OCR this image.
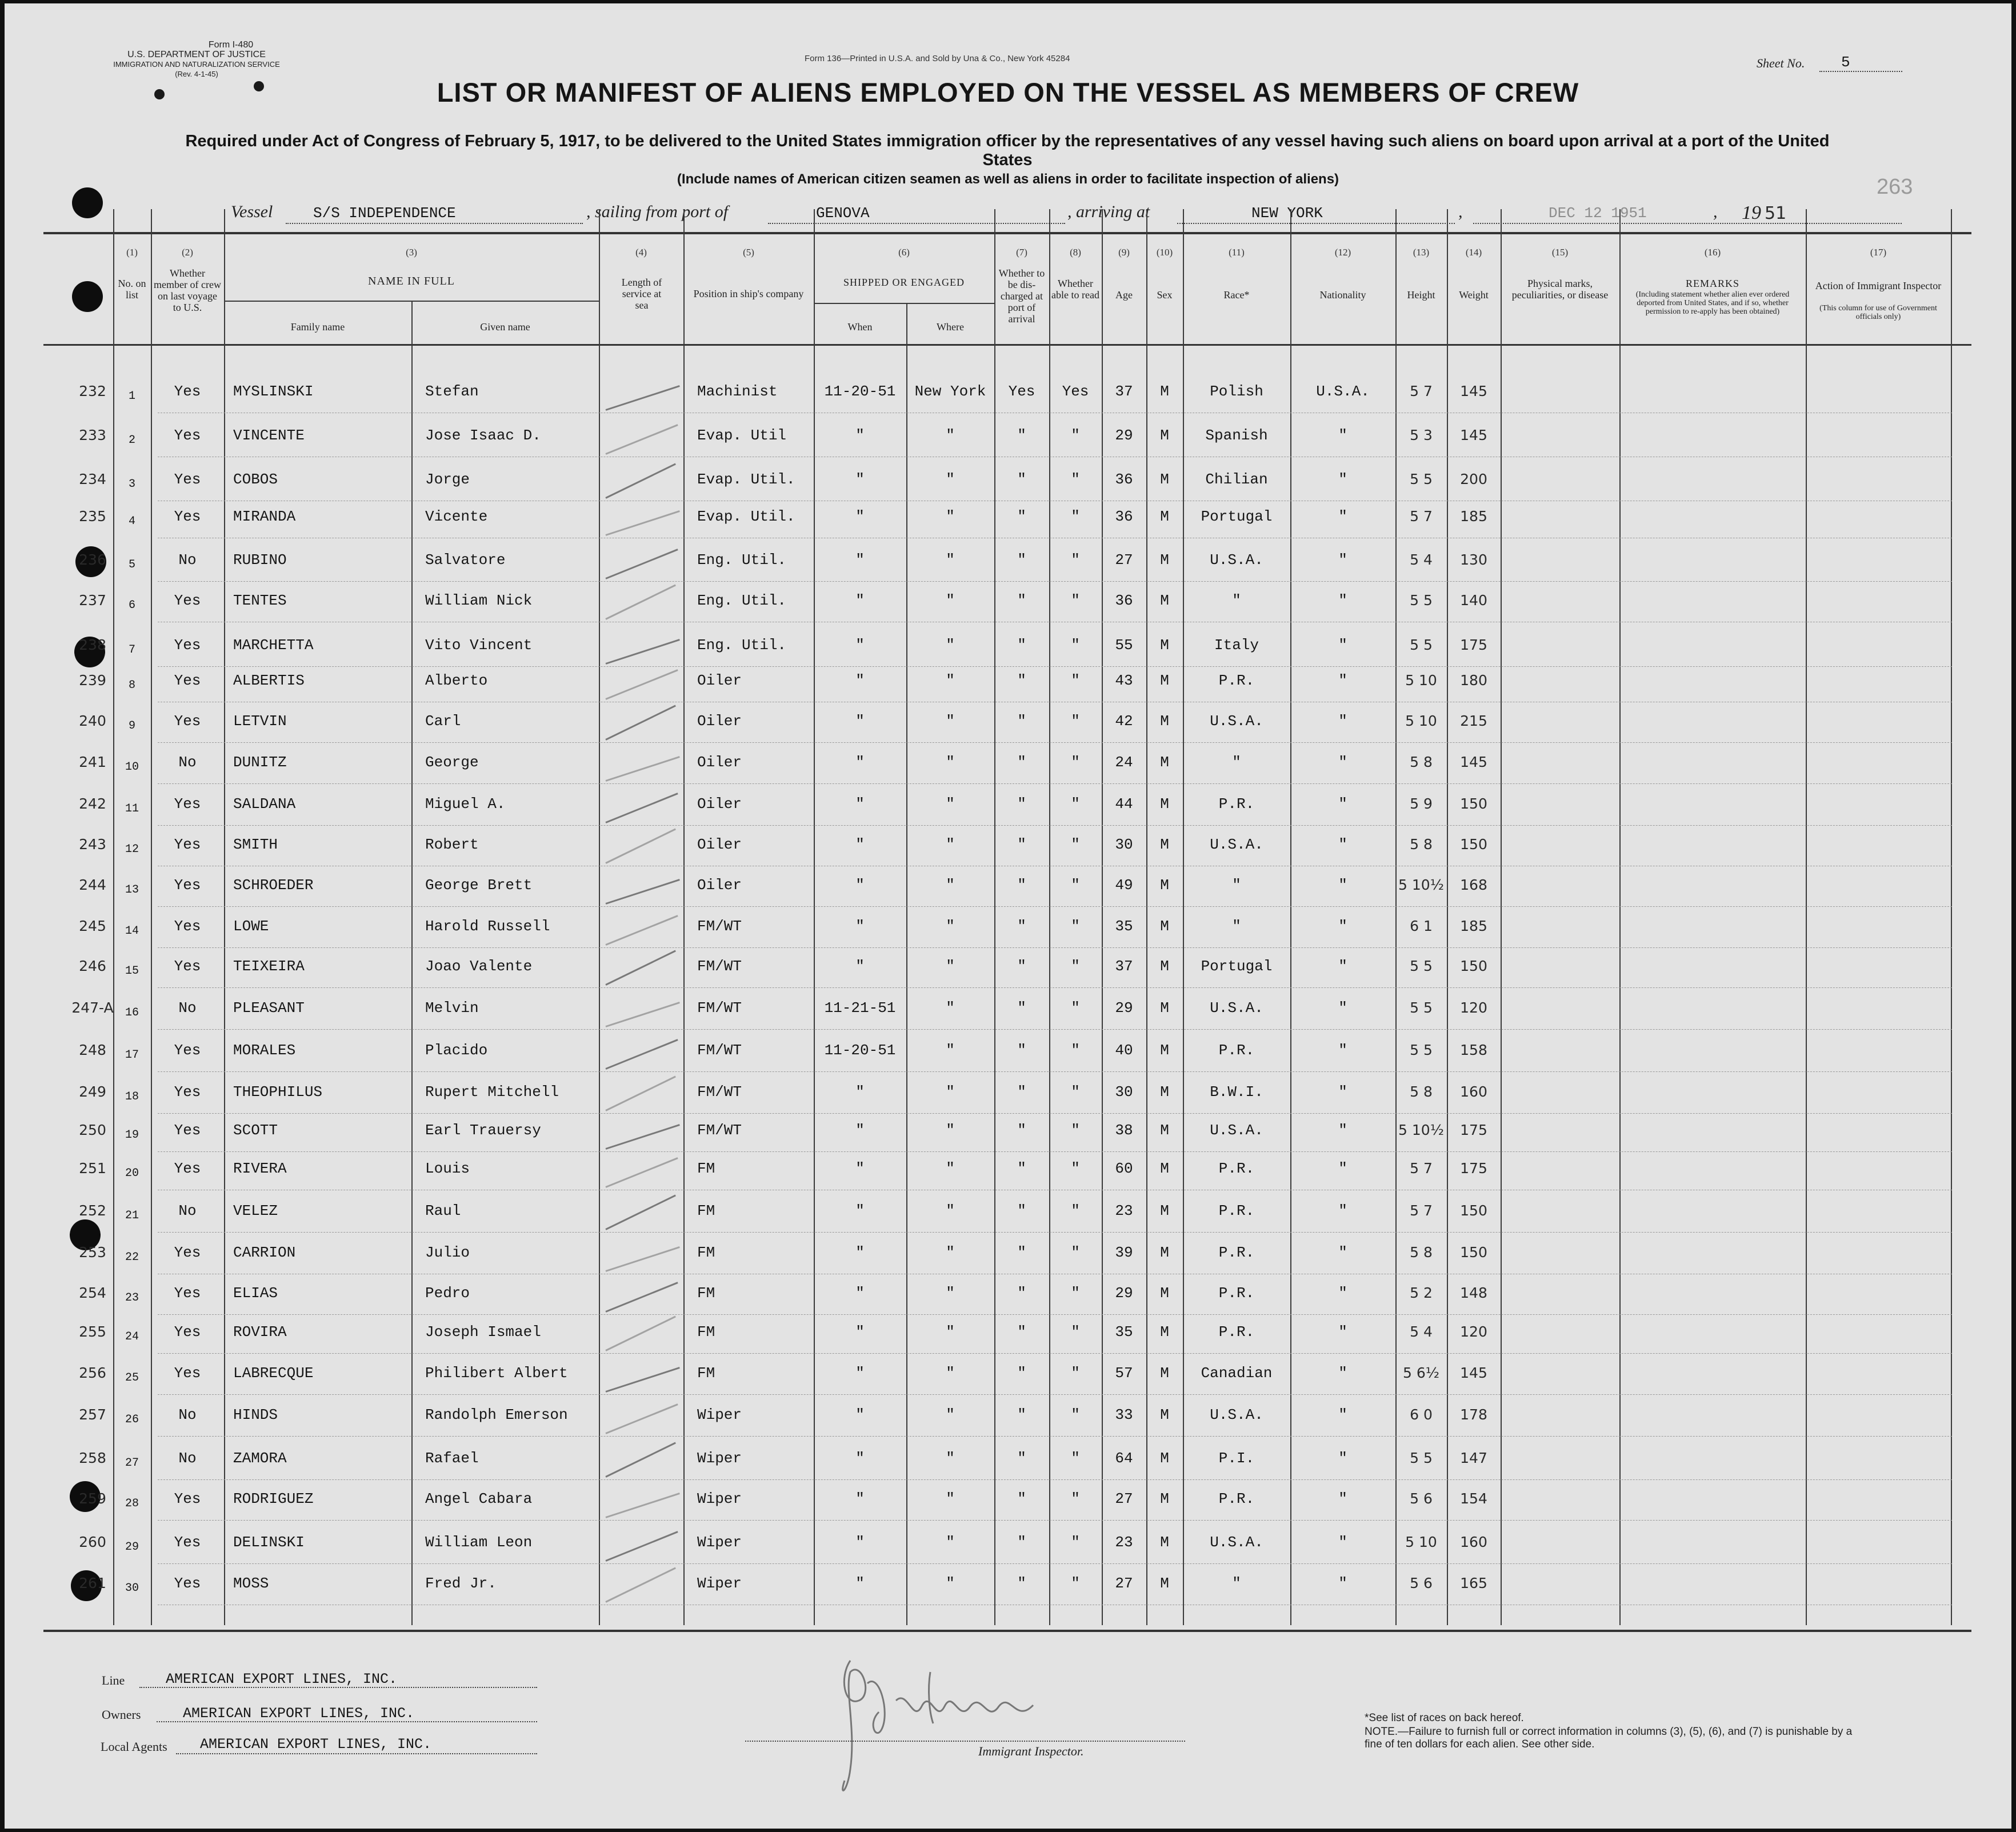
Form I-480
U.S. DEPARTMENT OF JUSTICE
IMMIGRATION AND NATURALIZATION SERVICE
(Rev. 4-1-45)
Form 136—Printed in U.S.A. and Sold by Una & Co., New York 45284	Sheet No. 5
LIST OR MANIFEST OF ALIENS EMPLOYED ON THE VESSEL AS MEMBERS OF CREW
Required under Act of Congress of February 5, 1917, to be delivered to the United States immigration officer by the representatives of any vessel having such aliens on board upon arrival at a port of the United States
(Include names of American citizen seamen as well as aliens in order to facilitate inspection of aliens)	263
Vessel	S/S INDEPENDENCE	, sailing from port of	GENOVA	, arriving at	NEW YORK	,	DEC 12 1951	, 19 51
(1)	(2)	(3)	(4)	(5)	(6)	(7)	(8)	(9)	(10)	(11)	(12)	(13)	(14)	(15)	(16)	(17)
No. on list
Whether member of crew on last voyage to U.S.
NAME IN FULL
Family name	Given name
Length of service at sea
Position in ship's company
SHIPPED OR ENGAGED
When	Where
Whether to be dis-charged at port of arrival
Whether able to read	Age	Sex	Race*	Nationality	Height	Weight
Physical marks, peculiarities, or disease
REMARKS
(Including statement whether alien ever ordered deported from United States, and if so, whether permission to re-apply has been obtained)
Action of Immigrant Inspector
(This column for use of Government officials only)
232	1	Yes	MYSLINSKI	Stefan	Machinist	11-20-51	New York	Yes	Yes	37	M	Polish	U.S.A.	5 7	145
233	2	Yes	VINCENTE	Jose Isaac D.	Evap. Util	"	"	"	"	29	M	Spanish	"	5 3	145
234	3	Yes	COBOS	Jorge	Evap. Util.	"	"	"	"	36	M	Chilian	"	5 5	200
235	4	Yes	MIRANDA	Vicente	Evap. Util.	"	"	"	"	36	M	Portugal	"	5 7	185
236	5	No	RUBINO	Salvatore	Eng. Util.	"	"	"	"	27	M	U.S.A.	"	5 4	130
237	6	Yes	TENTES	William Nick	Eng. Util.	"	"	"	"	36	M	"	"	5 5	140
238	7	Yes	MARCHETTA	Vito Vincent	Eng. Util.	"	"	"	"	55	M	Italy	"	5 5	175
239	8	Yes	ALBERTIS	Alberto	Oiler	"	"	"	"	43	M	P.R.	"	5 10	180
240	9	Yes	LETVIN	Carl	Oiler	"	"	"	"	42	M	U.S.A.	"	5 10	215
241	10	No	DUNITZ	George	Oiler	"	"	"	"	24	M	"	"	5 8	145
242	11	Yes	SALDANA	Miguel A.	Oiler	"	"	"	"	44	M	P.R.	"	5 9	150
243	12	Yes	SMITH	Robert	Oiler	"	"	"	"	30	M	U.S.A.	"	5 8	150
244	13	Yes	SCHROEDER	George Brett	Oiler	"	"	"	"	49	M	"	"	5 10½	168
245	14	Yes	LOWE	Harold Russell	FM/WT	"	"	"	"	35	M	"	"	6 1	185
246	15	Yes	TEIXEIRA	Joao Valente	FM/WT	"	"	"	"	37	M	Portugal	"	5 5	150
247-A	16	No	PLEASANT	Melvin	FM/WT	11-21-51	"	"	"	29	M	U.S.A.	"	5 5	120
248	17	Yes	MORALES	Placido	FM/WT	11-20-51	"	"	"	40	M	P.R.	"	5 5	158
249	18	Yes	THEOPHILUS	Rupert Mitchell	FM/WT	"	"	"	"	30	M	B.W.I.	"	5 8	160
250	19	Yes	SCOTT	Earl Trauersy	FM/WT	"	"	"	"	38	M	U.S.A.	"	5 10½	175
251	20	Yes	RIVERA	Louis	FM	"	"	"	"	60	M	P.R.	"	5 7	175
252	21	No	VELEZ	Raul	FM	"	"	"	"	23	M	P.R.	"	5 7	150
253	22	Yes	CARRION	Julio	FM	"	"	"	"	39	M	P.R.	"	5 8	150
254	23	Yes	ELIAS	Pedro	FM	"	"	"	"	29	M	P.R.	"	5 2	148
255	24	Yes	ROVIRA	Joseph Ismael	FM	"	"	"	"	35	M	P.R.	"	5 4	120
256	25	Yes	LABRECQUE	Philibert Albert	FM	"	"	"	"	57	M	Canadian	"	5 6½	145
257	26	No	HINDS	Randolph Emerson	Wiper	"	"	"	"	33	M	U.S.A.	"	6 0	178
258	27	No	ZAMORA	Rafael	Wiper	"	"	"	"	64	M	P.I.	"	5 5	147
259	28	Yes	RODRIGUEZ	Angel Cabara	Wiper	"	"	"	"	27	M	P.R.	"	5 6	154
260	29	Yes	DELINSKI	William Leon	Wiper	"	"	"	"	23	M	U.S.A.	"	5 10	160
261	30	Yes	MOSS	Fred Jr.	Wiper	"	"	"	"	27	M	"	"	5 6	165
Line	AMERICAN EXPORT LINES, INC.
Owners	AMERICAN EXPORT LINES, INC.
Local Agents AMERICAN EXPORT LINES, INC.	Immigrant Inspector.
*See list of races on back hereof.
NOTE.—Failure to furnish full or correct information in columns (3), (5), (6), and (7) is punishable by a fine of ten dollars for each alien. See other side.
